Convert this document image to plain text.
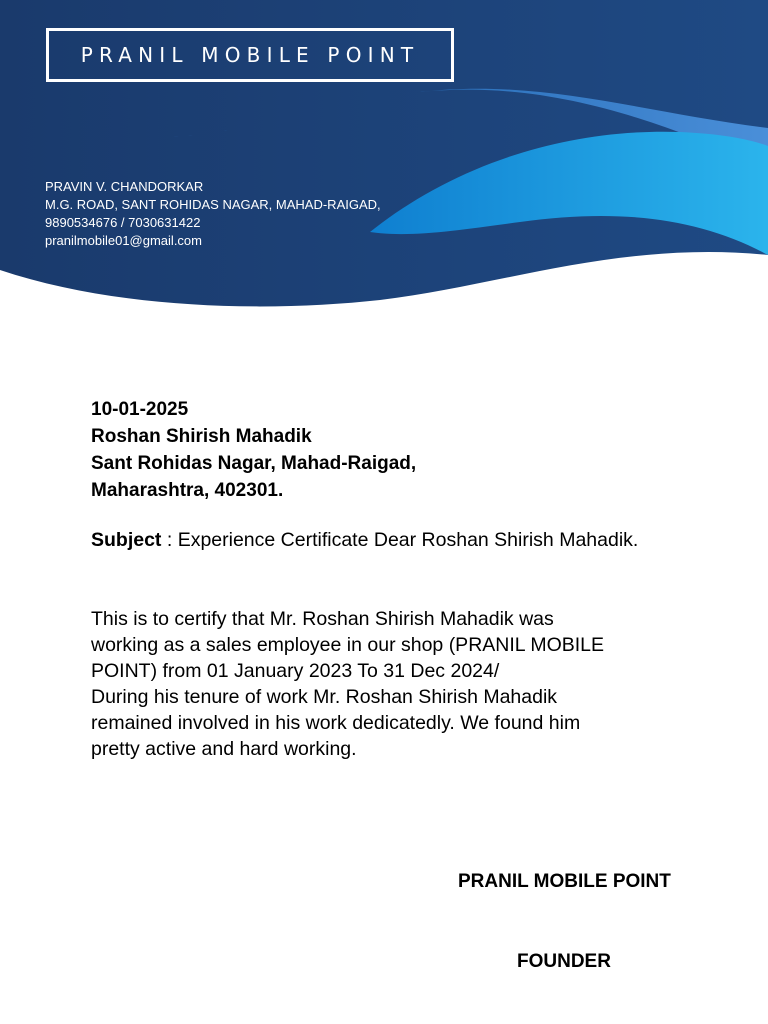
PRANIL MOBILE POINT
PRAVIN V. CHANDORKAR
M.G. ROAD, SANT ROHIDAS NAGAR, MAHAD-RAIGAD,
9890534676 / 7030631422
pranilmobile01@gmail.com
10-01-2025
Roshan Shirish Mahadik
Sant Rohidas Nagar, Mahad-Raigad,
Maharashtra, 402301.
Subject : Experience Certificate Dear Roshan Shirish Mahadik.
This is to certify that Mr. Roshan Shirish Mahadik was
working as a sales employee in our shop (PRANIL MOBILE
POINT) from 01 January 2023 To 31 Dec 2024/
During his tenure of work Mr. Roshan Shirish Mahadik
remained involved in his work dedicatedly. We found him
pretty active and hard working.
PRANIL MOBILE POINT
FOUNDER
